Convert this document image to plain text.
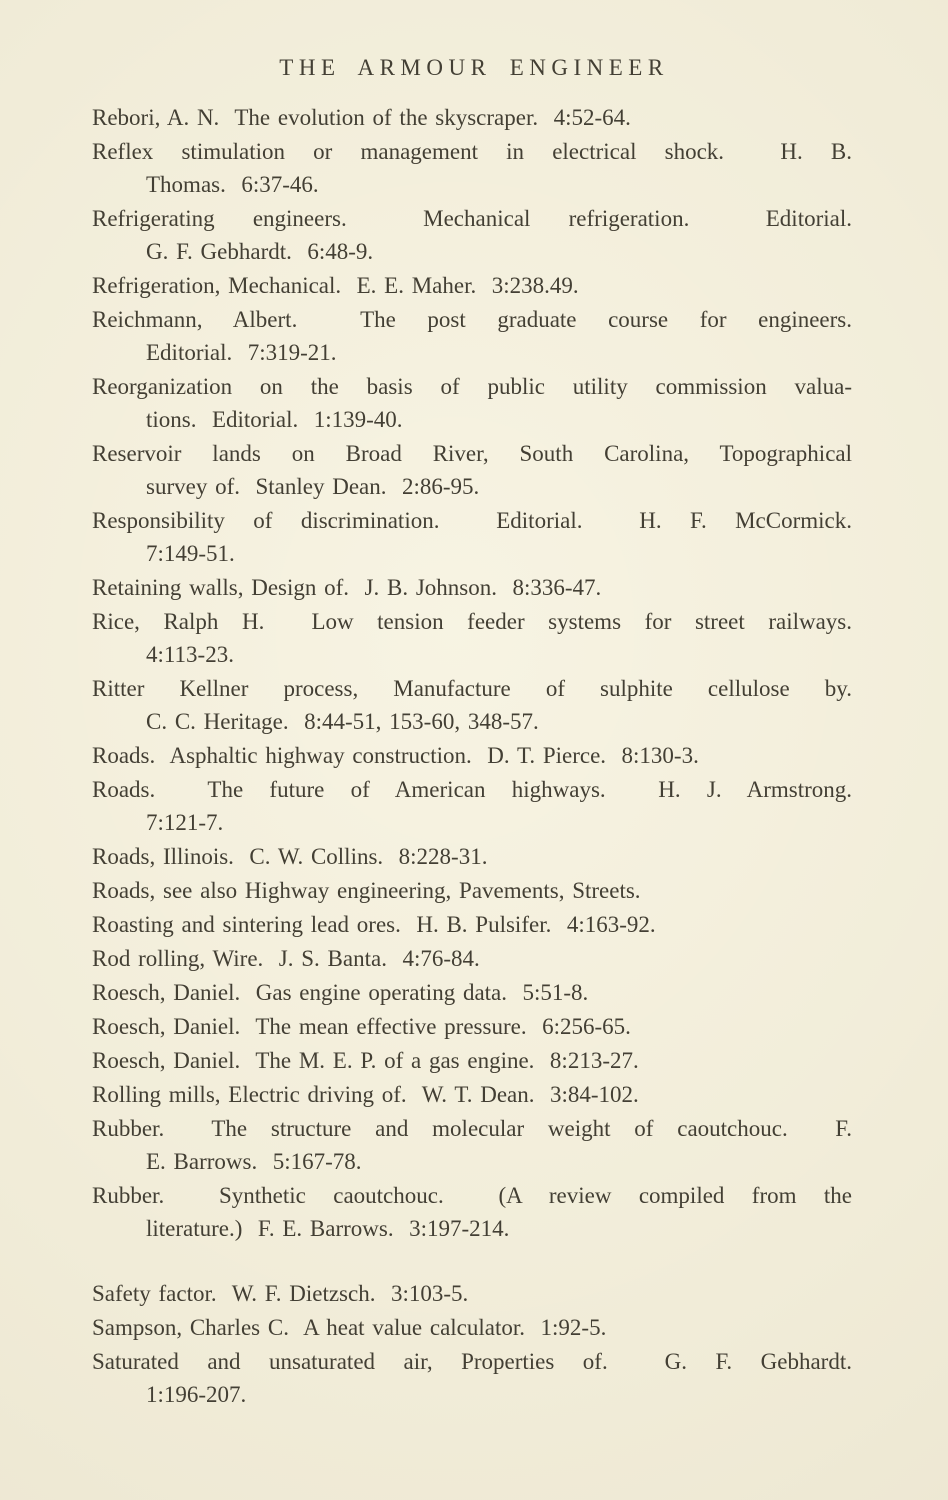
THE ARMOUR ENGINEER
Rebori, A. N.  The evolution of the skyscraper.  4:52-64.
Reflex stimulation or management in electrical shock.  H. B.
Thomas.  6:37-46.
Refrigerating engineers.  Mechanical refrigeration.  Editorial.
G. F. Gebhardt.  6:48-9.
Refrigeration, Mechanical.  E. E. Maher.  3:238.49.
Reichmann, Albert.  The post graduate course for engineers.
Editorial.  7:319-21.
Reorganization on the basis of public utility commission valua-
tions.  Editorial.  1:139-40.
Reservoir lands on Broad River, South Carolina, Topographical
survey of.  Stanley Dean.  2:86-95.
Responsibility of discrimination.  Editorial.  H. F. McCormick.
7:149-51.
Retaining walls, Design of.  J. B. Johnson.  8:336-47.
Rice, Ralph H.  Low tension feeder systems for street railways.
4:113-23.
Ritter Kellner process, Manufacture of sulphite cellulose by.
C. C. Heritage.  8:44-51, 153-60, 348-57.
Roads.  Asphaltic highway construction.  D. T. Pierce.  8:130-3.
Roads.  The future of American highways.  H. J. Armstrong.
7:121-7.
Roads, Illinois.  C. W. Collins.  8:228-31.
Roads, see also Highway engineering, Pavements, Streets.
Roasting and sintering lead ores.  H. B. Pulsifer.  4:163-92.
Rod rolling, Wire.  J. S. Banta.  4:76-84.
Roesch, Daniel.  Gas engine operating data.  5:51-8.
Roesch, Daniel.  The mean effective pressure.  6:256-65.
Roesch, Daniel.  The M. E. P. of a gas engine.  8:213-27.
Rolling mills, Electric driving of.  W. T. Dean.  3:84-102.
Rubber.  The structure and molecular weight of caoutchouc.  F.
E. Barrows.  5:167-78.
Rubber.  Synthetic caoutchouc.  (A review compiled from the
literature.)  F. E. Barrows.  3:197-214.
Safety factor.  W. F. Dietzsch.  3:103-5.
Sampson, Charles C.  A heat value calculator.  1:92-5.
Saturated and unsaturated air, Properties of.  G. F. Gebhardt.
1:196-207.
